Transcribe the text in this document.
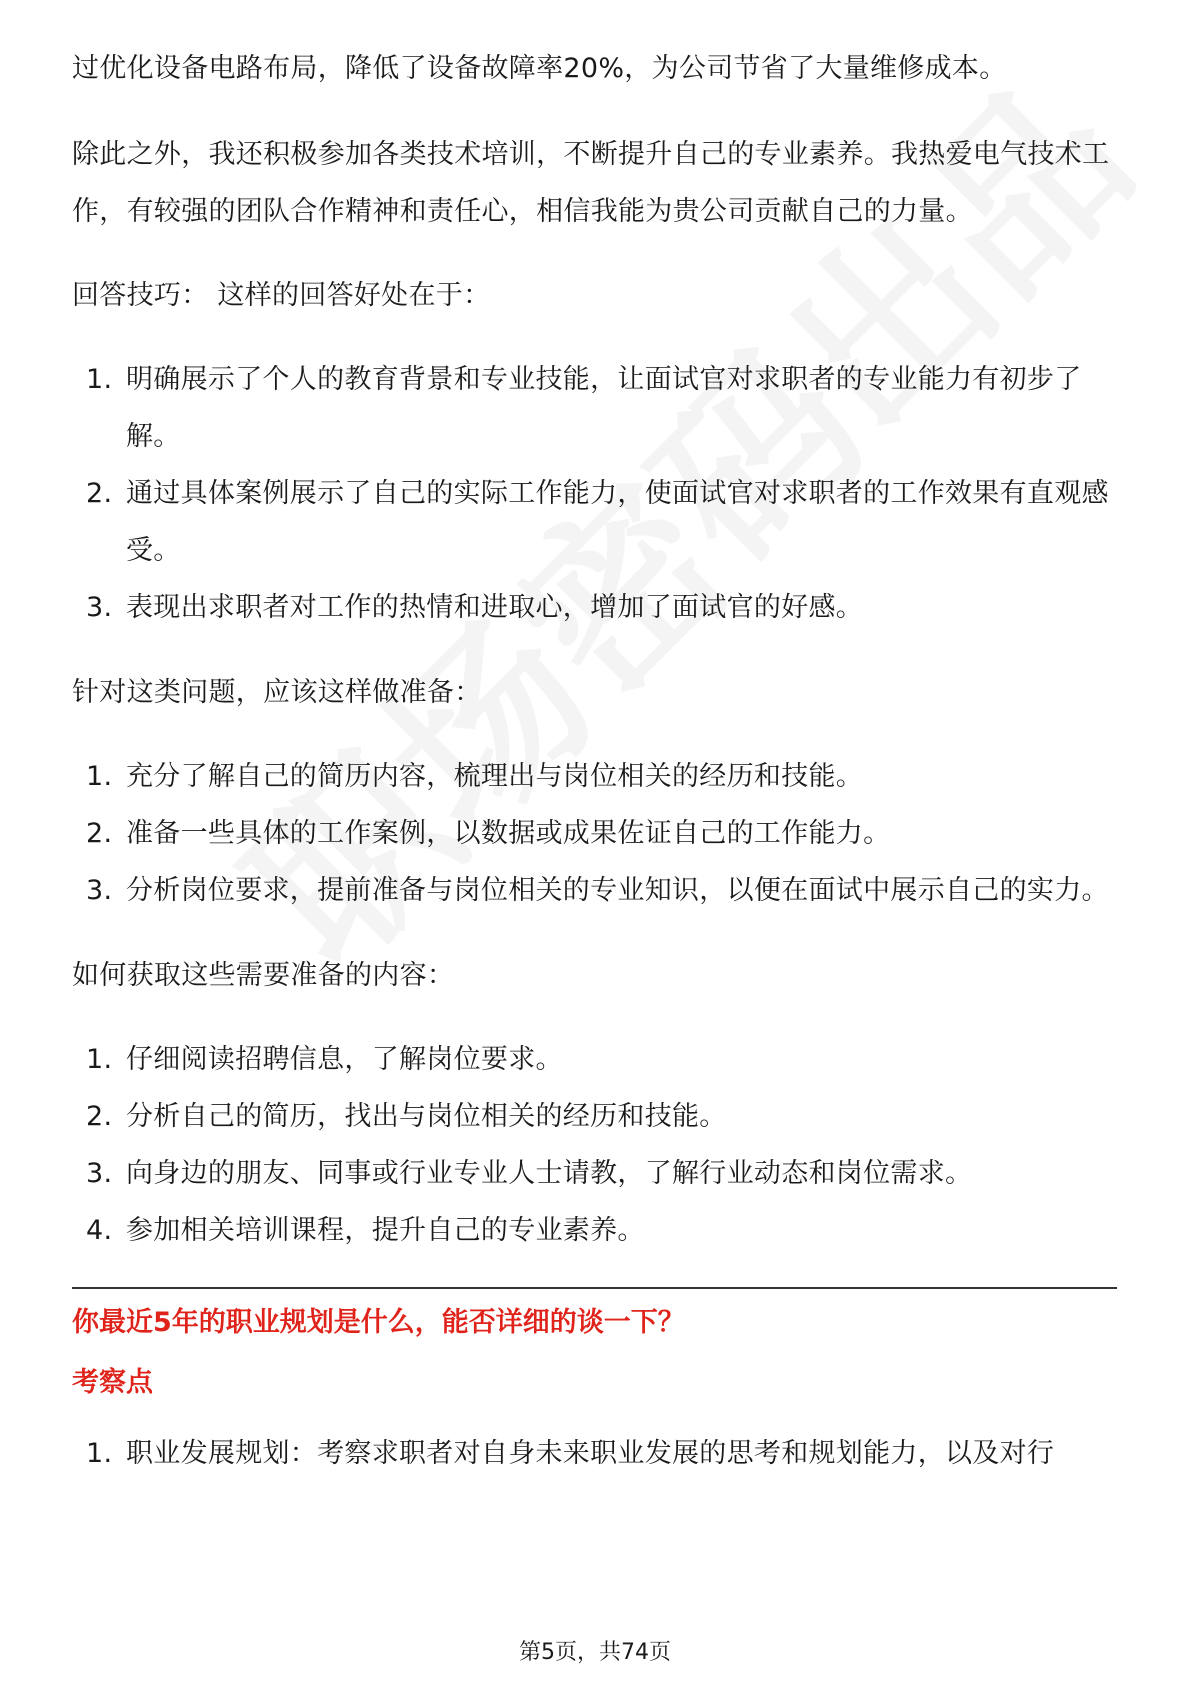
过优化设备电路布局，降低了设备故障率20%，为公司节省了大量维修成本。

除此之外，我还积极参加各类技术培训，不断提升自己的专业素养。我热爱电气技术工作，有较强的团队合作精神和责任心，相信我能为贵公司贡献自己的力量。

回答技巧： 这样的回答好处在于：

1. 明确展示了个人的教育背景和专业技能，让面试官对求职者的专业能力有初步了解。
2. 通过具体案例展示了自己的实际工作能力，使面试官对求职者的工作效果有直观感受。
3. 表现出求职者对工作的热情和进取心，增加了面试官的好感。

针对这类问题，应该这样做准备：

1. 充分了解自己的简历内容，梳理出与岗位相关的经历和技能。
2. 准备一些具体的工作案例，以数据或成果佐证自己的工作能力。
3. 分析岗位要求，提前准备与岗位相关的专业知识，以便在面试中展示自己的实力。

如何获取这些需要准备的内容：

1. 仔细阅读招聘信息，了解岗位要求。
2. 分析自己的简历，找出与岗位相关的经历和技能。
3. 向身边的朋友、同事或行业专业人士请教，了解行业动态和岗位需求。
4. 参加相关培训课程，提升自己的专业素养。
你最近5年的职业规划是什么，能否详细的谈一下？
考察点
1. 职业发展规划：考察求职者对自身未来职业发展的思考和规划能力，以及对行
第5页，共74页
